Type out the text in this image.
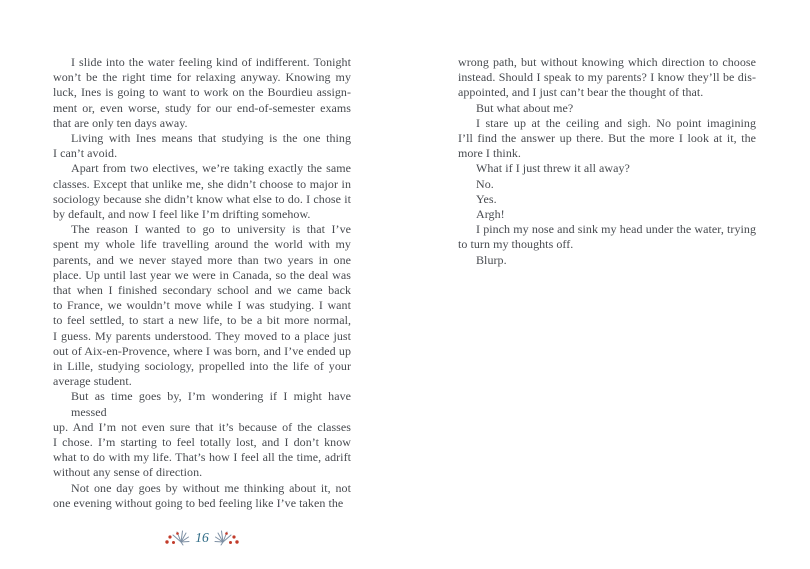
I slide into the water feeling kind of indifferent. Tonight
won’t be the right time for relaxing anyway. Knowing my
luck, Ines is going to want to work on the Bourdieu assign-
ment or, even worse, study for our end-of-semester exams
that are only ten days away.
Living with Ines means that studying is the one thing
I can’t avoid.
Apart from two electives, we’re taking exactly the same
classes. Except that unlike me, she didn’t choose to major in
sociology because she didn’t know what else to do. I chose it
by default, and now I feel like I’m drifting somehow.
The reason I wanted to go to university is that I’ve
spent my whole life travelling around the world with my
parents, and we never stayed more than two years in one
place. Up until last year we were in Canada, so the deal was
that when I finished secondary school and we came back
to France, we wouldn’t move while I was studying. I want
to feel settled, to start a new life, to be a bit more normal,
I guess. My parents understood. They moved to a place just
out of Aix-en-Provence, where I was born, and I’ve ended up
in Lille, studying sociology, propelled into the life of your
average student.
But as time goes by, I’m wondering if I might have messed
up. And I’m not even sure that it’s because of the classes
I chose. I’m starting to feel totally lost, and I don’t know
what to do with my life. That’s how I feel all the time, adrift
without any sense of direction.
Not one day goes by without me thinking about it, not
one evening without going to bed feeling like I’ve taken the
wrong path, but without knowing which direction to choose
instead. Should I speak to my parents? I know they’ll be dis-
appointed, and I just can’t bear the thought of that.
But what about me?
I stare up at the ceiling and sigh. No point imagining
I’ll find the answer up there. But the more I look at it, the
more I think.
What if I just threw it all away?
No.
Yes.
Argh!
I pinch my nose and sink my head under the water, trying
to turn my thoughts off.
Blurp.
16
